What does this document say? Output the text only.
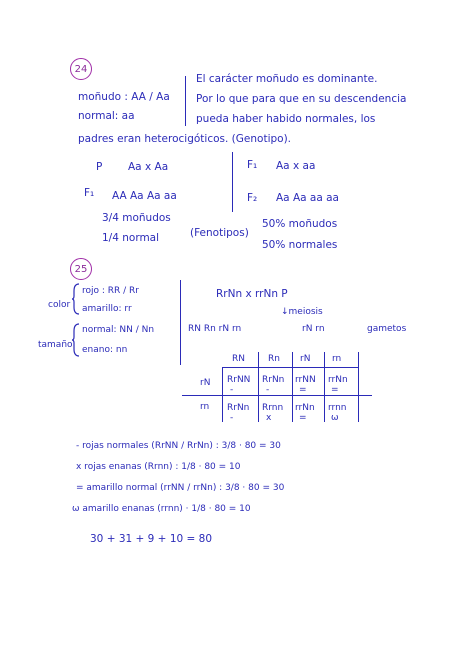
24
moñudo : AA / Aa
normal: aa
El carácter moñudo es dominante.
Por lo que para que en su descendencia
pueda haber habido normales, los
padres eran heterocigóticos. (Genotipo).
P Aa x Aa	F₁ Aa x aa
F₁ AA Aa Aa aa	F₂ Aa Aa aa aa
3/4 moñudos
1/4 normal	(Fenotipos)
50% moñudos
50% normales
25
color
rojo : RR / Rr
amarillo: rr
tamaño
normal: NN / Nn
enano: nn
RrNn x rrNn P
↓meiosis
RN Rn rN rn	rN rn	gametos
RN	Rn rN rn
rN RrNN RrNn rrNN rrNn
-	-	=	=
rn RrNn Rrnn rrNn rrnn
-	x	=	ω
- rojas normales (RrNN / RrNn) : 3/8 · 80 = 30
x rojas enanas (Rrnn) : 1/8 · 80 = 10
= amarillo normal (rrNN / rrNn) : 3/8 · 80 = 30
ω amarillo enanas (rrnn) · 1/8 · 80 = 10
30 + 31 + 9 + 10 = 80
